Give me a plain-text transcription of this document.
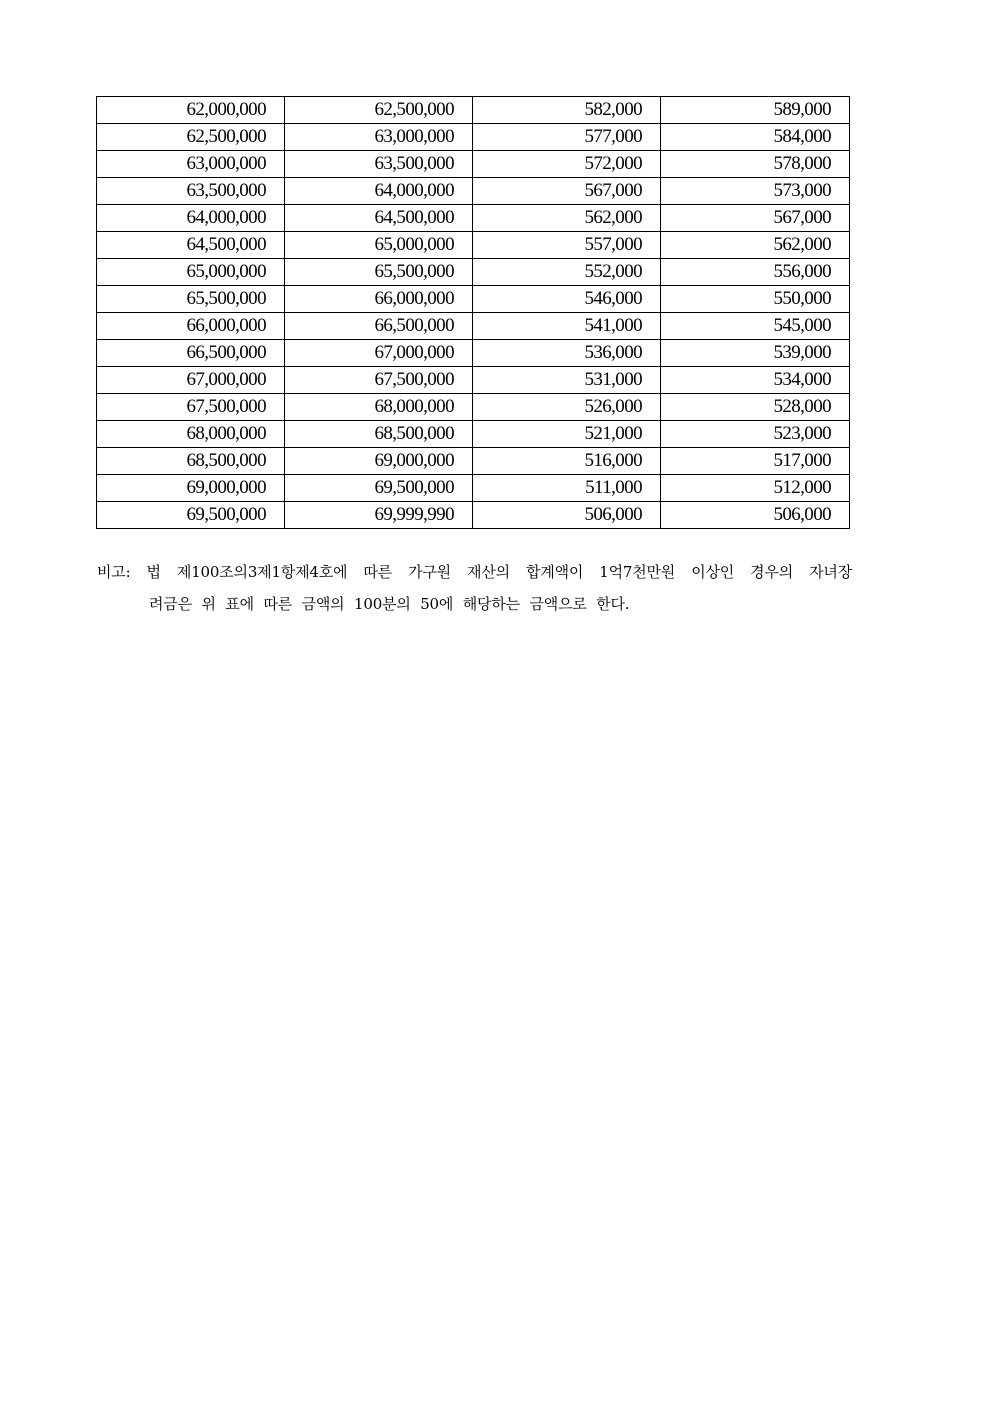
62,000,000	62,500,000	582,000	589,000
62,500,000	63,000,000	577,000	584,000
63,000,000	63,500,000	572,000	578,000
63,500,000	64,000,000	567,000	573,000
64,000,000	64,500,000	562,000	567,000
64,500,000	65,000,000	557,000	562,000
65,000,000	65,500,000	552,000	556,000
65,500,000	66,000,000	546,000	550,000
66,000,000	66,500,000	541,000	545,000
66,500,000	67,000,000	536,000	539,000
67,000,000	67,500,000	531,000	534,000
67,500,000	68,000,000	526,000	528,000
68,000,000	68,500,000	521,000	523,000
68,500,000	69,000,000	516,000	517,000
69,000,000	69,500,000	511,000	512,000
69,500,000	69,999,990	506,000	506,000

비고: 법 제100조의3제1항제4호에 따른 가구원 재산의 합계액이 1억7천만원 이상인 경우의 자녀장

려금은 위 표에 따른 금액의 100분의 50에 해당하는 금액으로 한다.
